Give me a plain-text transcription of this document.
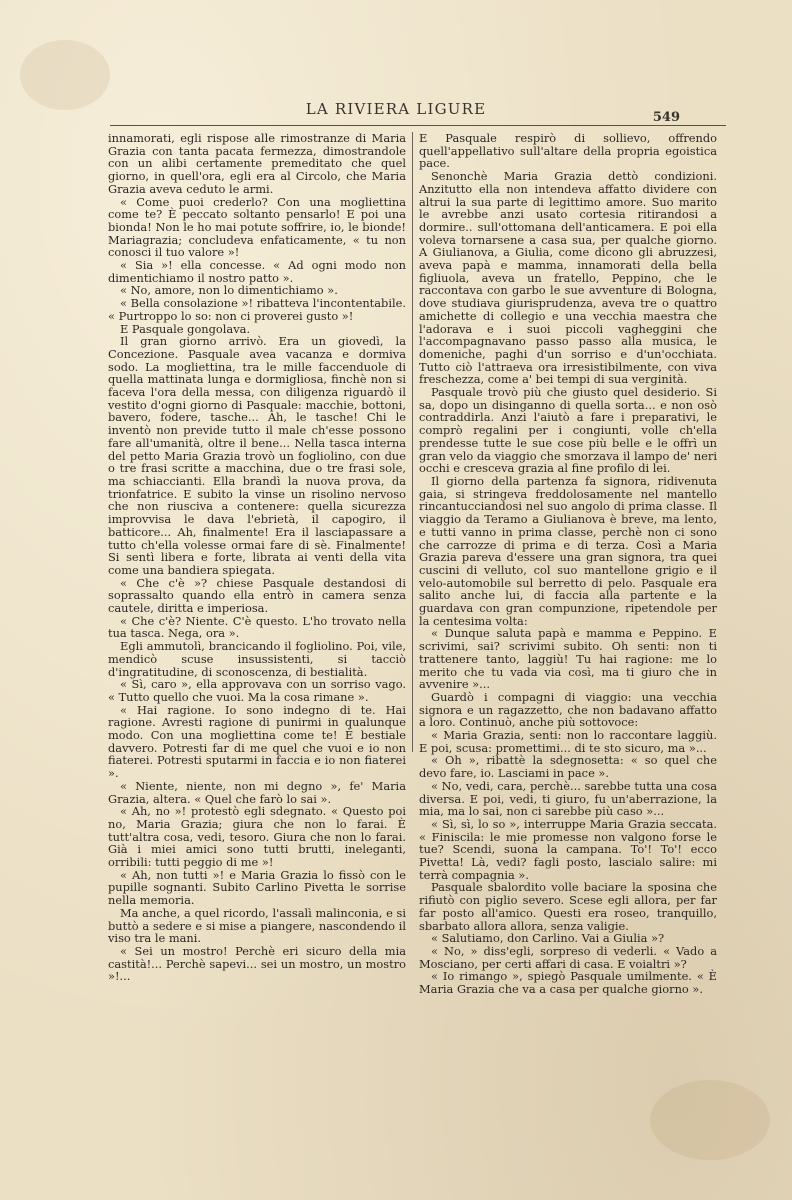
LA RIVIERA LIGURE	549

innamorati, egli rispose alle rimostranze di Maria Grazia con tanta pacata fermezza, dimostrandole con un alibi certamente premeditato che quel giorno, in quell'ora, egli era al Circolo, che Maria Grazia aveva ceduto le armi.

« Come puoi crederlo? Con una mogliettina come te? È peccato soltanto pensarlo! E poi una bionda! Non le ho mai potute soffrire, io, le bionde! Mariagrazia; concludeva enfaticamente, « tu non conosci il tuo valore »!

« Sia »! ella concesse. « Ad ogni modo non dimentichiamo il nostro patto ».

« No, amore, non lo dimentichiamo ».

« Bella consolazione »! ribatteva l'incontentabile. « Purtroppo lo so: non ci proverei gusto »!

E Pasquale gongolava.

Il gran giorno arrivò. Era un giovedì, la Concezione. Pasquale avea vacanza e dormiva sodo. La mogliettina, tra le mille faccenduole di quella mattinata lunga e dormigliosa, finchè non si faceva l'ora della messa, con diligenza riguardò il vestito d'ogni giorno di Pasquale: macchie, bottoni, bavero, fodere, tasche... Ah, le tasche! Chi le inventò non previde tutto il male ch'esse possono fare all'umanità, oltre il bene... Nella tasca interna del petto Maria Grazia trovò un fogliolino, con due o tre frasi scritte a macchina, due o tre frasi sole, ma schiaccianti. Ella brandì la nuova prova, da trionfatrice. E subito la vinse un risolino nervoso che non riusciva a contenere: quella sicurezza improvvisa le dava l'ebrietà, il capogiro, il batticore... Ah, finalmente! Era il lasciapassare a tutto ch'ella volesse ormai fare di sè. Finalmente! Si sentì libera e forte, librata ai venti della vita come una bandiera spiegata.

« Che c'è »? chiese Pasquale destandosi di soprassalto quando ella entrò in camera senza cautele, diritta e imperiosa.

« Che c'è? Niente. C'è questo. L'ho trovato nella tua tasca. Nega, ora ».

Egli ammutolì, brancicando il fogliolino. Poi, vile, mendicò scuse insussistenti, si tacciò d'ingratitudine, di sconoscenza, di bestialità.

« Sì, caro », ella approvava con un sorriso vago. « Tutto quello che vuoi. Ma la cosa rimane ».

« Hai ragione. Io sono indegno di te. Hai ragione. Avresti ragione di punirmi in qualunque modo. Con una mogliettina come te! È bestiale davvero. Potresti far di me quel che vuoi e io non fiaterei. Potresti sputarmi in faccia e io non fiaterei ».

« Niente, niente, non mi degno », fe' Maria Grazia, altera. « Quel che farò lo sai ».

« Ah, no »! protestò egli sdegnato. « Questo poi no, Maria Grazia; giura che non lo farai. È tutt'altra cosa, vedi, tesoro. Giura che non lo farai. Già i miei amici sono tutti brutti, ineleganti, orribili: tutti peggio di me »!

« Ah, non tutti »! e Maria Grazia lo fissò con le pupille sognanti. Subito Carlino Pivetta le sorrise nella memoria.

Ma anche, a quel ricordo, l'assalì malinconia, e si buttò a sedere e si mise a piangere, nascondendo il viso tra le mani.

« Sei un mostro! Perchè eri sicuro della mia castità!... Perchè sapevi... sei un mostro, un mostro »!...

E Pasquale respirò di sollievo, offrendo quell'appellativo sull'altare della propria egoistica pace.

Senonchè Maria Grazia dettò condizioni. Anzitutto ella non intendeva affatto dividere con altrui la sua parte di legittimo amore. Suo marito le avrebbe anzi usato cortesia ritirandosi a dormire.. sull'ottomana dell'anticamera. E poi ella voleva tornarsene a casa sua, per qualche giorno. A Giulianova, a Giulia, come dicono gli abruzzesi, aveva papà e mamma, innamorati della bella figliuola, aveva un fratello, Peppino, che le raccontava con garbo le sue avventure di Bologna, dove studiava giurisprudenza, aveva tre o quattro amichette di collegio e una vecchia maestra che l'adorava e i suoi piccoli vagheggini che l'accompagnavano passo passo alla musica, le domeniche, paghi d'un sorriso e d'un'occhiata. Tutto ciò l'attraeva ora irresistibilmente, con viva freschezza, come a' bei tempi di sua verginità.

Pasquale trovò più che giusto quel desiderio. Si sa, dopo un disinganno di quella sorta... e non osò contraddirla. Anzi l'aiutò a fare i preparativi, le comprò regalini per i congiunti, volle ch'ella prendesse tutte le sue cose più belle e le offrì un gran velo da viaggio che smorzava il lampo de' neri occhi e cresceva grazia al fine profilo di lei.

Il giorno della partenza fa signora, ridivenuta gaia, si stringeva freddolosamente nel mantello rincantucciandosi nel suo angolo di prima classe. Il viaggio da Teramo a Giulianova è breve, ma lento, e tutti vanno in prima classe, perchè non ci sono che carrozze di prima e di terza. Così a Maria Grazia pareva d'essere una gran signora, tra quei cuscini di velluto, col suo mantellone grigio e il velo-automobile sul berretto di pelo. Pasquale era salito anche lui, di faccia alla partente e la guardava con gran compunzione, ripetendole per la centesima volta:

« Dunque saluta papà e mamma e Peppino. E scrivimi, sai? scrivimi subito. Oh senti: non ti trattenere tanto, laggiù! Tu hai ragione: me lo merito che tu vada via così, ma ti giuro che in avvenire »...

Guardò i compagni di viaggio: una vecchia signora e un ragazzetto, che non badavano affatto a loro. Continuò, anche più sottovoce:

« Maria Grazia, senti: non lo raccontare laggiù. E poi, scusa: promettimi... di te sto sicuro, ma »...

« Oh », ribattè la sdegnosetta: « so quel che devo fare, io. Lasciami in pace ».

« No, vedi, cara, perchè... sarebbe tutta una cosa diversa. E poi, vedi, ti giuro, fu un'aberrazione, la mia, ma lo sai, non ci sarebbe più caso »...

« Sì, sì, lo so », interruppe Maria Grazia seccata. « Finiscila: le mie promesse non valgono forse le tue? Scendi, suona la campana. To'! To'! ecco Pivetta! Là, vedi? fagli posto, lascialo salire: mi terrà compagnia ».

Pasquale sbalordito volle baciare la sposina che rifiutò con piglio severo. Scese egli allora, per far far posto all'amico. Questi era roseo, tranquillo, sbarbato allora allora, senza valigie.

« Salutiamo, don Carlino. Vai a Giulia »?

« No, » diss'egli, sorpreso di vederli. « Vado a Mosciano, per certi affari di casa. E voialtri »?

« Io rimango », spiegò Pasquale umilmente. « È Maria Grazia che va a casa per qualche giorno ».
